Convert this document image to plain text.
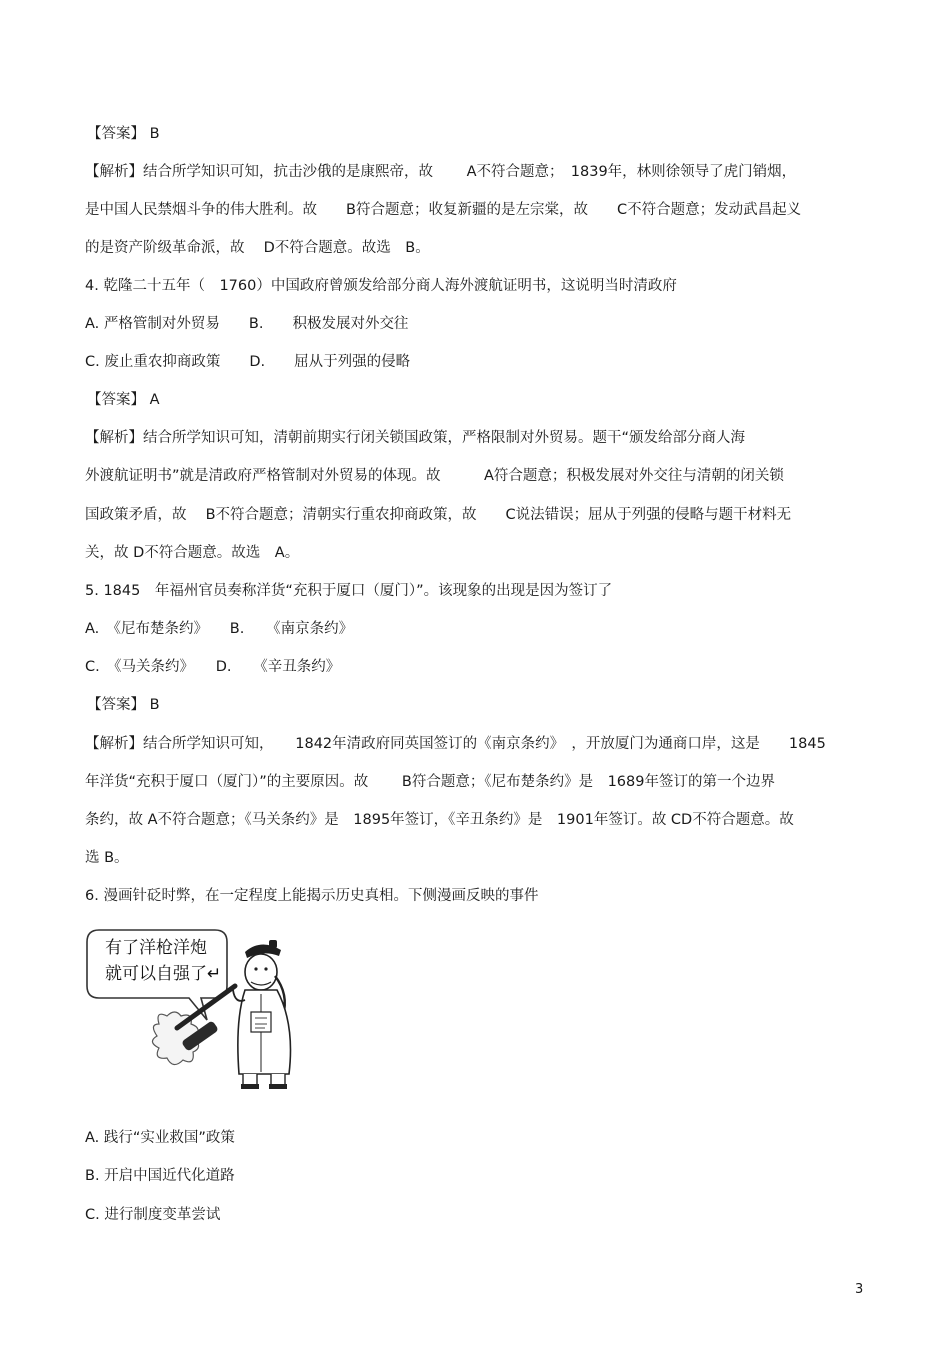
【答案】 B
【解析】结合所学知识可知，抗击沙俄的是康熙帝，故　　 A不符合题意；　1839年，林则徐领导了虎门销烟，
是中国人民禁烟斗争的伟大胜利。故　　B符合题意；收复新疆的是左宗棠，故　　C不符合题意；发动武昌起义
的是资产阶级革命派，故　 D不符合题意。故选　B。
4. 乾隆二十五年（　1760）中国政府曾颁发给部分商人海外渡航证明书，这说明当时清政府
A. 严格管制对外贸易　　B.　　积极发展对外交往
C. 废止重农抑商政策　　D.　　屈从于列强的侵略
【答案】 A
【解析】结合所学知识可知，清朝前期实行闭关锁国政策，严格限制对外贸易。题干“颁发给部分商人海
外渡航证明书”就是清政府严格管制对外贸易的体现。故　　　A符合题意；积极发展对外交往与清朝的闭关锁
国政策矛盾，故　 B不符合题意；清朝实行重农抑商政策，故　　C说法错误；屈从于列强的侵略与题干材料无
关，故 D不符合题意。故选　A。
5. 1845　年福州官员奏称洋货“充积于厦口（厦门）”。该现象的出现是因为签订了
A.　《尼布楚条约》　　B.　　《南京条约》
C.　《马关条约》　　D.　　《辛丑条约》
【答案】 B
【解析】结合所学知识可知，　　1842年清政府同英国签订的《南京条约》　，开放厦门为通商口岸，这是　　1845
年洋货“充积于厦口（厦门）”的主要原因。故　　 B符合题意；《尼布楚条约》是　1689年签订的第一个边界
条约，故 A不符合题意；《马关条约》是　1895年签订，《辛丑条约》是　1901年签订。故 CD不符合题意。故
选 B。
6. 漫画针砭时弊，在一定程度上能揭示历史真相。下侧漫画反映的事件
有了洋枪洋炮
就可以自强了↵
A. 践行“实业救国”政策
B. 开启中国近代化道路
C. 进行制度变革尝试
3
